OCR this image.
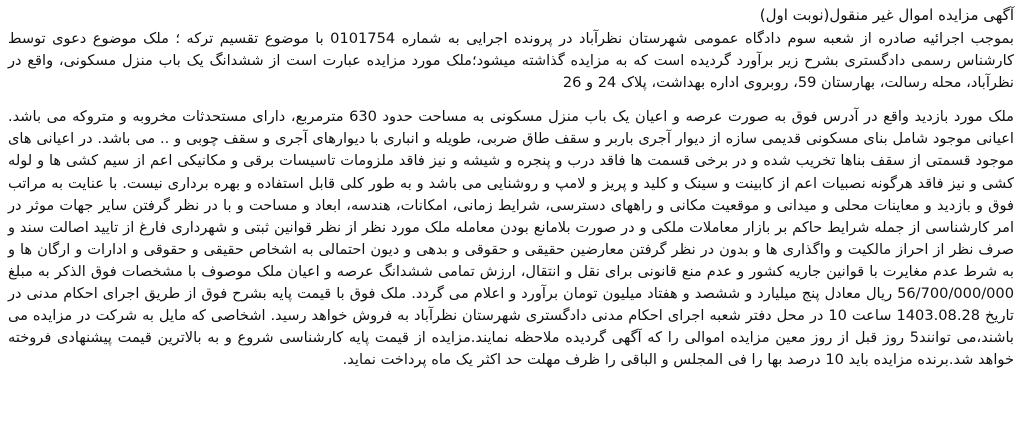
آگهی مزایده اموال غیر منقول(نوبت اول)

بموجب اجرائیه صادره از شعبه سوم دادگاه عمومی شهرستان نظرآباد در پرونده اجرایی به شماره 0101754 با موضوع تقسیم ترکه ؛ ملک موضوع دعوی توسط کارشناس رسمی دادگستری بشرح زیر برآورد گردیده است که به مزایده گذاشته میشود؛ملک مورد مزایده عبارت است از ششدانگ یک باب منزل مسکونی، واقع در نظرآباد، محله رسالت، بهارستان 59، روبروی اداره بهداشت، پلاک 24 و 26

ملک مورد بازدید واقع در آدرس فوق به صورت عرصه و اعیان یک باب منزل مسکونی به مساحت حدود 630 مترمربع، دارای مستحدثات مخروبه و متروکه می باشد. اعیانی موجود شامل بنای مسکونی قدیمی سازه از دیوار آجری باربر و سقف طاق ضربی، طویله و انباری با دیوارهای آجری و سقف چوبی و .. می باشد. در اعیانی های موجود قسمتی از سقف بناها تخریب شده و در برخی قسمت ها فاقد درب و پنجره و شیشه و نیز فاقد ملزومات تاسیسات برقی و مکانیکی اعم از سیم کشی ها و لوله کشی و نیز فاقد هرگونه نصبیات اعم از کابینت و سینک و کلید و پریز و لامپ و روشنایی می باشد و به طور کلی قابل استفاده و بهره برداری نیست. با عنایت به مراتب فوق و بازدید و معاینات محلی و میدانی و موقعیت مکانی و راههای دسترسی، شرایط زمانی، امکانات، هندسه، ابعاد و مساحت و با در نظر گرفتن سایر جهات موثر در امر کارشناسی از جمله شرایط حاکم بر بازار معاملات ملکی و در صورت بلامانع بودن معامله ملک مورد نظر از نظر قوانین ثبتی و شهرداری فارغ از تایید اصالت سند و صرف نظر از احراز مالکیت و واگذاری ها و بدون در نظر گرفتن معارضین حقیقی و حقوقی و بدهی و دیون احتمالی به اشخاص حقیقی و حقوقی و ادارات و ارگان ها و به شرط عدم مغایرت با قوانین جاریه کشور و عدم منع قانونی برای نقل و انتقال، ارزش تمامی ششدانگ عرصه و اعیان ملک موصوف با مشخصات فوق الذکر به مبلغ 56/700/000/000 ریال معادل پنج میلیارد و ششصد و هفتاد میلیون تومان برآورد و اعلام می گردد. ملک فوق با قیمت پایه بشرح فوق از طریق اجرای احکام مدنی در تاریخ 1403.08.28 ساعت 10 در محل دفتر شعبه اجرای احکام مدنی دادگستری شهرستان نظرآباد به فروش خواهد رسید. اشخاصی که مایل به شرکت در مزایده می باشند،می توانند5 روز قبل از روز معین مزایده اموالی را که آگهی گردیده ملاحظه نمایند.مزایده از قیمت پایه کارشناسی شروع و به بالاترین قیمت پیشنهادی فروخته خواهد شد.برنده مزایده باید 10 درصد بها را فی المجلس و الباقی را ظرف مهلت حد اکثر یک ماه پرداخت نماید.
